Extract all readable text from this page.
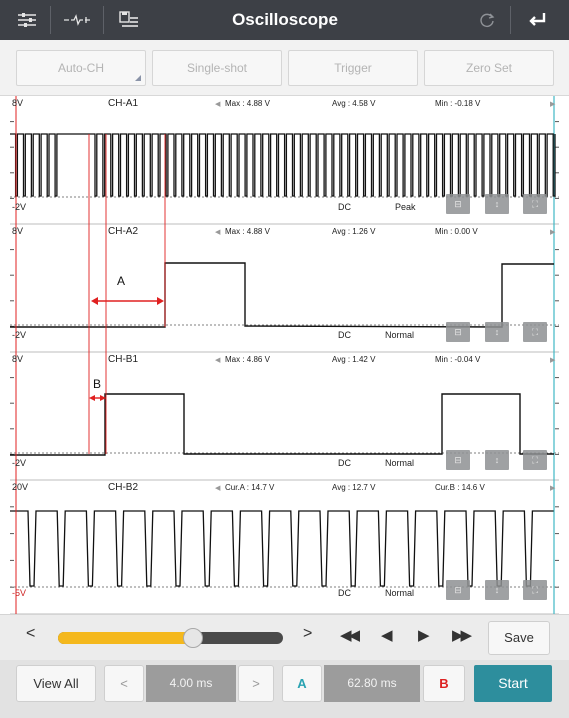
Oscilloscope
Auto-CH	Single-shot	Trigger	Zero Set
8V	CH-A1	◀ Max : 4.88 V	Avg : 4.58 V	Min : -0.18 V	▶
-2V	DC	Peak	⊟	↕	⛶
8V	CH-A2	◀ Max : 4.88 V	Avg : 1.26 V	Min : 0.00 V	▶
-2V	DC	Normal	⊟	↕	⛶
A
8V	CH-B1	◀ Max : 4.86 V	Avg : 1.42 V	Min : -0.04 V	▶
-2V	DC	Normal	⊟	↕	⛶
B
20V	CH-B2	◀ Cur.A : 14.7 V	Avg : 12.7 V	Cur.B : 14.6 V	▶
-5V	DC	Normal	⊟	↕	⛶
<	> ◀◀ ◀ ▶ ▶▶	Save
View All	<	4.00 ms	>	A	62.80 ms	B	Start
